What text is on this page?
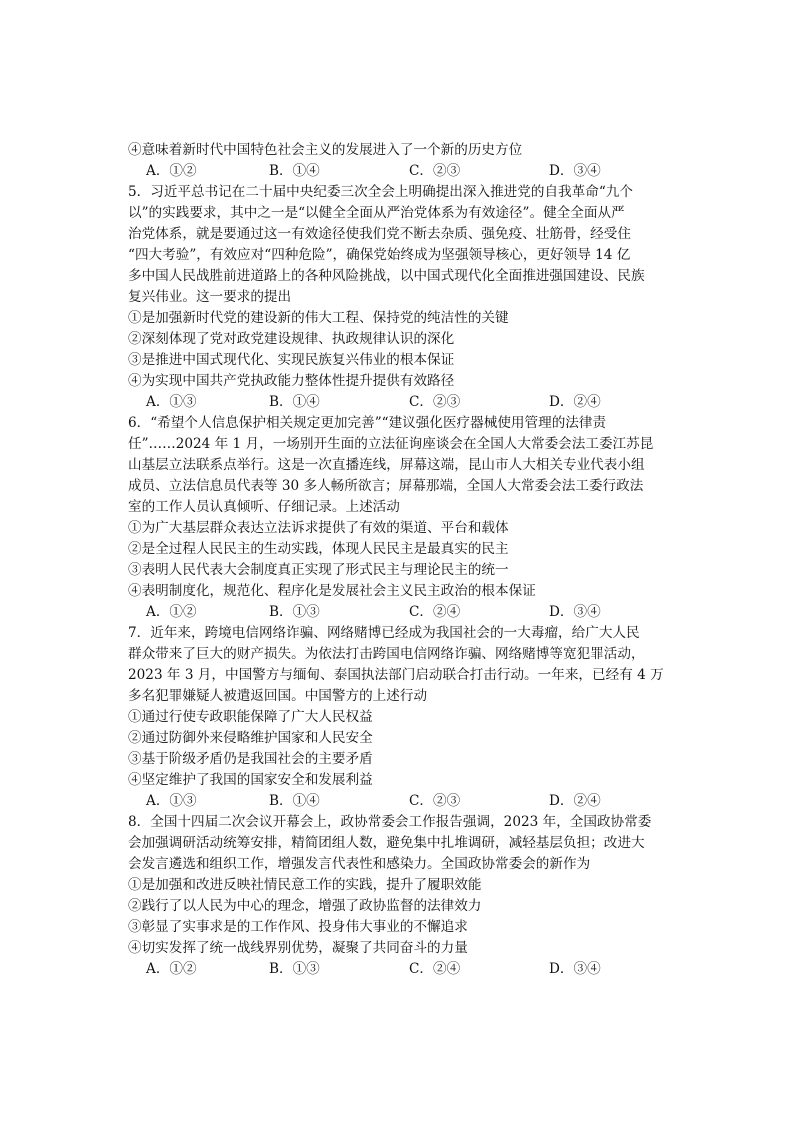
④意味着新时代中国特色社会主义的发展进入了一个新的历史方位
A．①②	B．①④	C．②③	D．③④
5．习近平总书记在二十届中央纪委三次全会上明确提出深入推进党的自我革命“九个
以”的实践要求，其中之一是“以健全全面从严治党体系为有效途径”。健全全面从严
治党体系，就是要通过这一有效途径使我们党不断去杂质、强免疫、壮筋骨，经受住
“四大考验”，有效应对“四种危险”，确保党始终成为坚强领导核心，更好领导 14 亿
多中国人民战胜前进道路上的各种风险挑战，以中国式现代化全面推进强国建设、民族
复兴伟业。这一要求的提出
①是加强新时代党的建设新的伟大工程、保持党的纯洁性的关键
②深刻体现了党对政党建设规律、执政规律认识的深化
③是推进中国式现代化、实现民族复兴伟业的根本保证
④为实现中国共产党执政能力整体性提升提供有效路径
A．①③	B．①④	C．②③	D．②④
6．“希望个人信息保护相关规定更加完善”“建议强化医疗器械使用管理的法律责
任”……2024 年 1 月，一场别开生面的立法征询座谈会在全国人大常委会法工委江苏昆
山基层立法联系点举行。这是一次直播连线，屏幕这端，昆山市人大相关专业代表小组
成员、立法信息员代表等 30 多人畅所欲言；屏幕那端，全国人大常委会法工委行政法
室的工作人员认真倾听、仔细记录。上述活动
①为广大基层群众表达立法诉求提供了有效的渠道、平台和载体
②是全过程人民民主的生动实践，体现人民民主是最真实的民主
③表明人民代表大会制度真正实现了形式民主与理论民主的统一
④表明制度化，规范化、程序化是发展社会主义民主政治的根本保证
A．①②	B．①③	C．②④	D．③④
7．近年来，跨境电信网络诈骗、网络赌博已经成为我国社会的一大毒瘤，给广大人民
群众带来了巨大的财产损失。为依法打击跨国电信网络诈骗、网络赌博等宽犯罪活动，
2023 年 3 月，中国警方与缅甸、泰国执法部门启动联合打击行动。一年来，已经有 4 万
多名犯罪嫌疑人被遣返回国。中国警方的上述行动
①通过行使专政职能保障了广大人民权益
②通过防御外来侵略维护国家和人民安全
③基于阶级矛盾仍是我国社会的主要矛盾
④坚定维护了我国的国家安全和发展利益
A．①③	B．①④	C．②③	D．②④
8．全国十四届二次会议开幕会上，政协常委会工作报告强调，2023 年，全国政协常委
会加强调研活动统筹安排，精简团组人数，避免集中扎堆调研，减轻基层负担；改进大
会发言遴选和组织工作，增强发言代表性和感染力。全国政协常委会的新作为
①是加强和改进反映社情民意工作的实践，提升了履职效能
②践行了以人民为中心的理念，增强了政协监督的法律效力
③彰显了实事求是的工作作风、投身伟大事业的不懈追求
④切实发挥了统一战线界别优势，凝聚了共同奋斗的力量
A．①②	B．①③	C．②④	D．③④
